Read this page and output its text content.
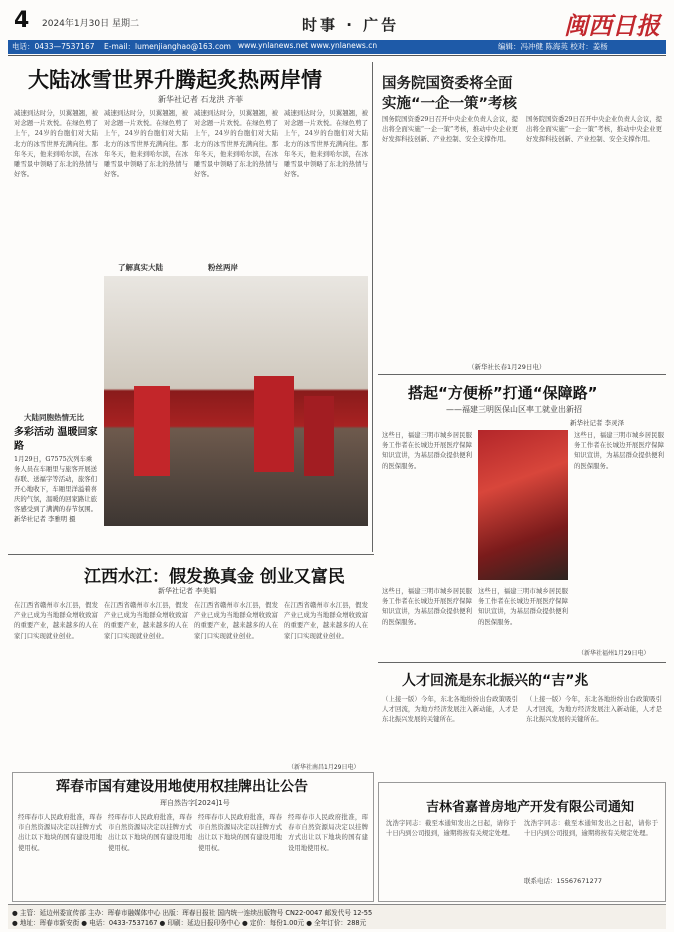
4 2024年1月30日 星期二	时事 · 广告	闽西日报
电话：0433—7537167 E-mail：lumenjianghao@163.com www.ynlanews.net www.ynlanews.cn	编辑：冯冲健 陈海英 校对：姜杨
大陆冰雪世界升腾起炙热两岸情
新华社记者 石龙洪 齐菲
减速到达时分，贝翼翘翘，被对念题一片欢悦。在绿色剪了上午，24岁的台胞们对大陆北方的冰雪世界充满向往。那年冬天，他来到哈尔滨，在冰雕雪景中领略了东北的热情与好客。
减速到达时分，贝翼翘翘，被对念题一片欢悦。在绿色剪了上午，24岁的台胞们对大陆北方的冰雪世界充满向往。那年冬天，他来到哈尔滨，在冰雕雪景中领略了东北的热情与好客。
减速到达时分，贝翼翘翘，被对念题一片欢悦。在绿色剪了上午，24岁的台胞们对大陆北方的冰雪世界充满向往。那年冬天，他来到哈尔滨，在冰雕雪景中领略了东北的热情与好客。
减速到达时分，贝翼翘翘，被对念题一片欢悦。在绿色剪了上午，24岁的台胞们对大陆北方的冰雪世界充满向往。那年冬天，他来到哈尔滨，在冰雕雪景中领略了东北的热情与好客。
了解真实大陆	粉丝两岸
大陆同胞热情无比
多彩活动 温暖回家路
1月29日，G7575次列车乘务人员在车厢里与旅客开展送春联、送福字等活动，旅客们开心地收下，车厢里洋溢着喜庆的气氛，温暖的回家路让旅客感受到了满满的春节氛围。新华社记者 李雅明 摄
国务院国资委将全面
实施“一企一策”考核
国务院国资委29日召开中央企业负责人会议，提出将全面实施“一企一策”考核，推动中央企业更好发挥科技创新、产业控制、安全支撑作用。
国务院国资委29日召开中央企业负责人会议，提出将全面实施“一企一策”考核，推动中央企业更好发挥科技创新、产业控制、安全支撑作用。
（新华社长春1月29日电）
搭起“方便桥”打通“保障路”
——福建三明医保山区率工就业出新招
新华社记者 李灵泽
这些日，福建三明市城乡居民服务工作者在长城边开展医疗保障知识宣讲，为基层群众提供便利的医保服务。
这些日，福建三明市城乡居民服务工作者在长城边开展医疗保障知识宣讲，为基层群众提供便利的医保服务。
这些日，福建三明市城乡居民服务工作者在长城边开展医疗保障知识宣讲，为基层群众提供便利的医保服务。
这些日，福建三明市城乡居民服务工作者在长城边开展医疗保障知识宣讲，为基层群众提供便利的医保服务。
（新华社福州1月29日电）
江西水江：假发换真金 创业又富民
新华社记者 李美娟
在江西省赣州市水江县，假发产业已成为当地群众增收致富的重要产业，越来越多的人在家门口实现就业创业。
在江西省赣州市水江县，假发产业已成为当地群众增收致富的重要产业，越来越多的人在家门口实现就业创业。
在江西省赣州市水江县，假发产业已成为当地群众增收致富的重要产业，越来越多的人在家门口实现就业创业。
在江西省赣州市水江县，假发产业已成为当地群众增收致富的重要产业，越来越多的人在家门口实现就业创业。
（新华社南昌1月29日电）
人才回流是东北振兴的“吉”兆
（上接一版）今年，东北各地纷纷出台政策吸引人才回流，为地方经济发展注入新动能，人才是东北振兴发展的关键所在。
（上接一版）今年，东北各地纷纷出台政策吸引人才回流，为地方经济发展注入新动能，人才是东北振兴发展的关键所在。
珲春市国有建设用地使用权挂牌出让公告
珲自然告字[2024]1号
经珲春市人民政府批准，珲春市自然资源局决定以挂牌方式出让以下地块的国有建设用地使用权。
经珲春市人民政府批准，珲春市自然资源局决定以挂牌方式出让以下地块的国有建设用地使用权。
经珲春市人民政府批准，珲春市自然资源局决定以挂牌方式出让以下地块的国有建设用地使用权。
经珲春市人民政府批准，珲春市自然资源局决定以挂牌方式出让以下地块的国有建设用地使用权。
吉林省嘉普房地产开发有限公司通知
沈浩宇同志：截至本通知发出之日起，请你于十日内到公司报到，逾期将按有关规定处理。
沈浩宇同志：截至本通知发出之日起，请你于十日内到公司报到，逾期将按有关规定处理。
联系电话：15567671277
● 主管：延边州委宣传部 主办：珲春市融媒体中心 出版：珲春日报社 国内统一连续出版物号 CN22-0047 邮发代号 12-55
● 地址：珲春市新安街 ● 电话：0433-7537167 ● 印刷：延边日报印务中心 ● 定价：每份1.00元 ● 全年订价：288元
